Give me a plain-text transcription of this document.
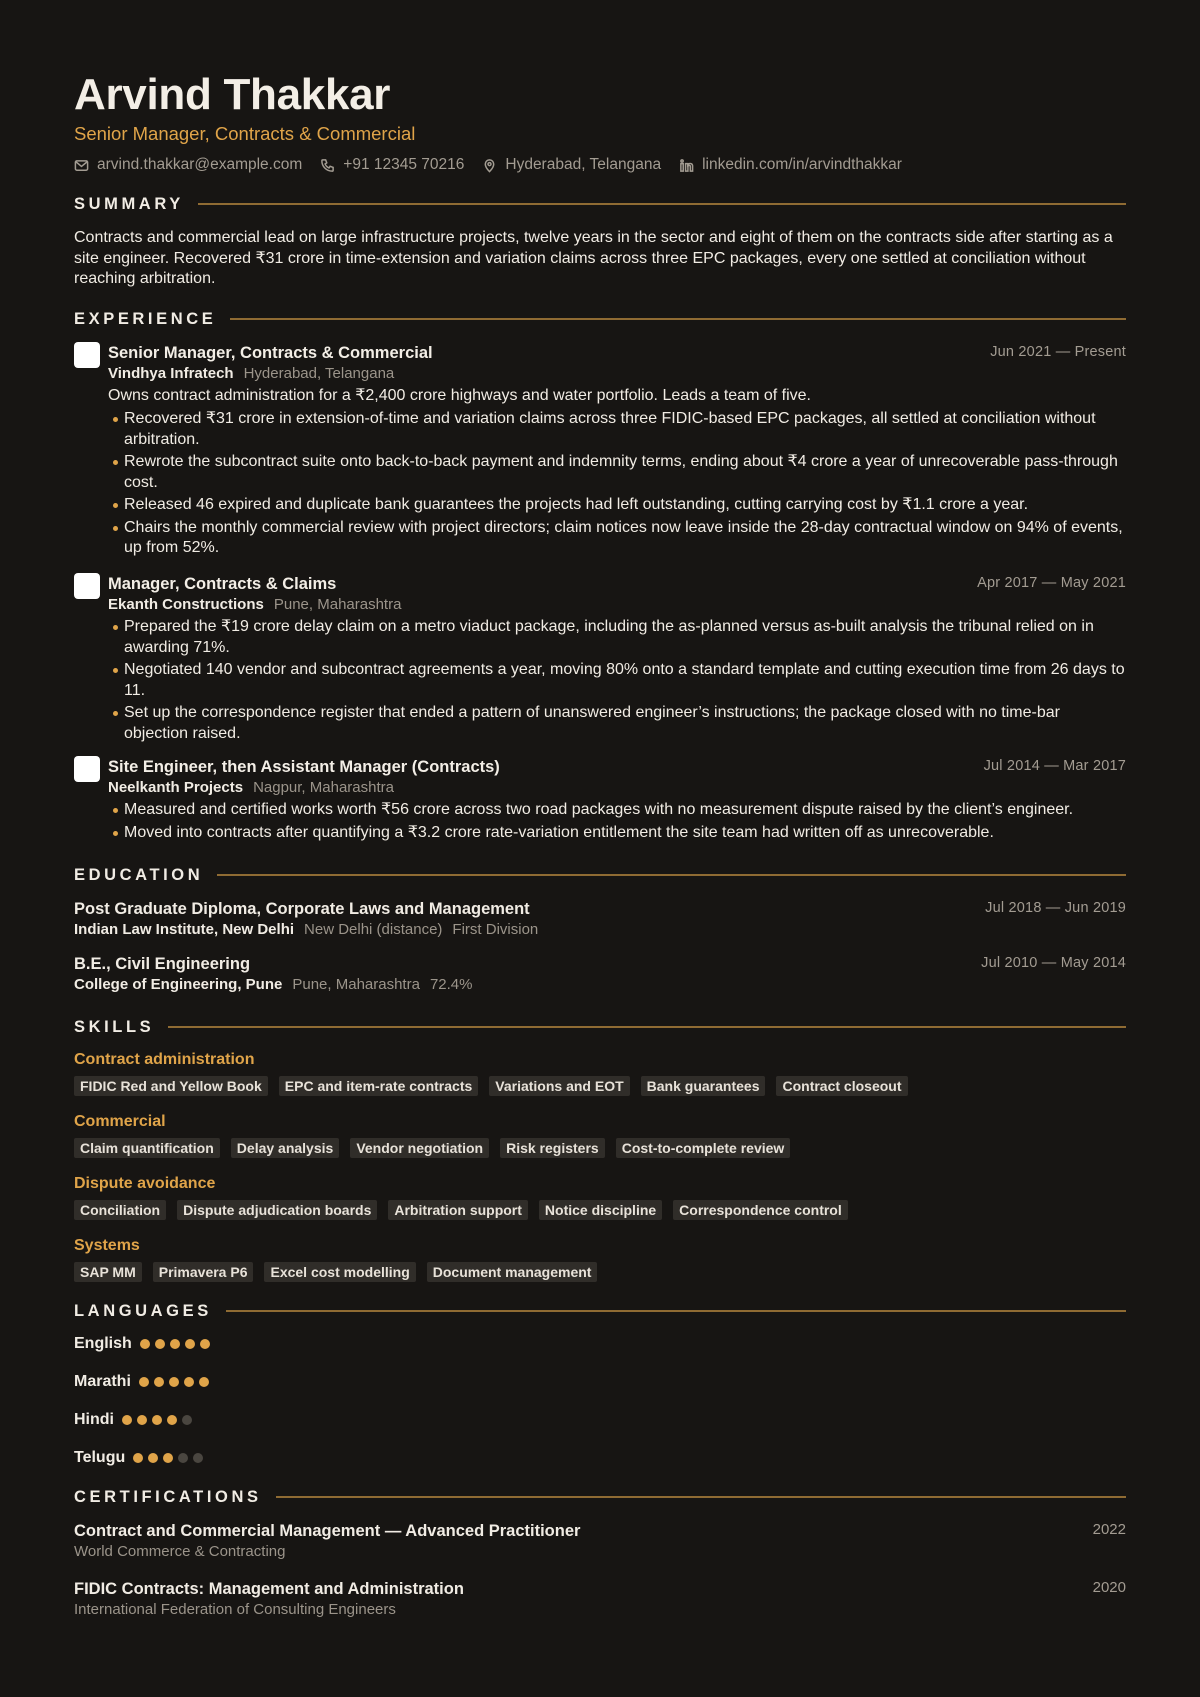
Arvind Thakkar
Senior Manager, Contracts & Commercial
arvind.thakkar@example.com	+91 12345 70216	Hyderabad, Telangana	linkedin.com/in/arvindthakkar
SUMMARY
Contracts and commercial lead on large infrastructure projects, twelve years in the sector and eight of them on the contracts side after starting as a site engineer. Recovered ₹31 crore in time-extension and variation claims across three EPC packages, every one settled at conciliation without reaching arbitration.
EXPERIENCE
Senior Manager, Contracts & Commercial	Jun 2021 — Present
Vindhya Infratech Hyderabad, Telangana
Owns contract administration for a ₹2,400 crore highways and water portfolio. Leads a team of five.
Recovered ₹31 crore in extension-of-time and variation claims across three FIDIC-based EPC packages, all settled at conciliation without arbitration.
Rewrote the subcontract suite onto back-to-back payment and indemnity terms, ending about ₹4 crore a year of unrecoverable pass-through cost.
Released 46 expired and duplicate bank guarantees the projects had left outstanding, cutting carrying cost by ₹1.1 crore a year.
Chairs the monthly commercial review with project directors; claim notices now leave inside the 28-day contractual window on 94% of events, up from 52%.
Manager, Contracts & Claims	Apr 2017 — May 2021
Ekanth Constructions Pune, Maharashtra
Prepared the ₹19 crore delay claim on a metro viaduct package, including the as-planned versus as-built analysis the tribunal relied on in awarding 71%.
Negotiated 140 vendor and subcontract agreements a year, moving 80% onto a standard template and cutting execution time from 26 days to 11.
Set up the correspondence register that ended a pattern of unanswered engineer’s instructions; the package closed with no time-bar objection raised.
Site Engineer, then Assistant Manager (Contracts)	Jul 2014 — Mar 2017
Neelkanth Projects Nagpur, Maharashtra
Measured and certified works worth ₹56 crore across two road packages with no measurement dispute raised by the client’s engineer.
Moved into contracts after quantifying a ₹3.2 crore rate-variation entitlement the site team had written off as unrecoverable.
EDUCATION
Post Graduate Diploma, Corporate Laws and Management	Jul 2018 — Jun 2019
Indian Law Institute, New Delhi New Delhi (distance) First Division
B.E., Civil Engineering	Jul 2010 — May 2014
College of Engineering, Pune Pune, Maharashtra 72.4%
SKILLS
Contract administration
FIDIC Red and Yellow Book	EPC and item-rate contracts	Variations and EOT	Bank guarantees	Contract closeout
Commercial
Claim quantification	Delay analysis	Vendor negotiation	Risk registers	Cost-to-complete review
Dispute avoidance
Conciliation	Dispute adjudication boards	Arbitration support	Notice discipline	Correspondence control
Systems
SAP MM	Primavera P6	Excel cost modelling	Document management
LANGUAGES
English
Marathi
Hindi
Telugu
CERTIFICATIONS
Contract and Commercial Management — Advanced Practitioner
World Commerce & Contracting
2022
FIDIC Contracts: Management and Administration
International Federation of Consulting Engineers
2020
